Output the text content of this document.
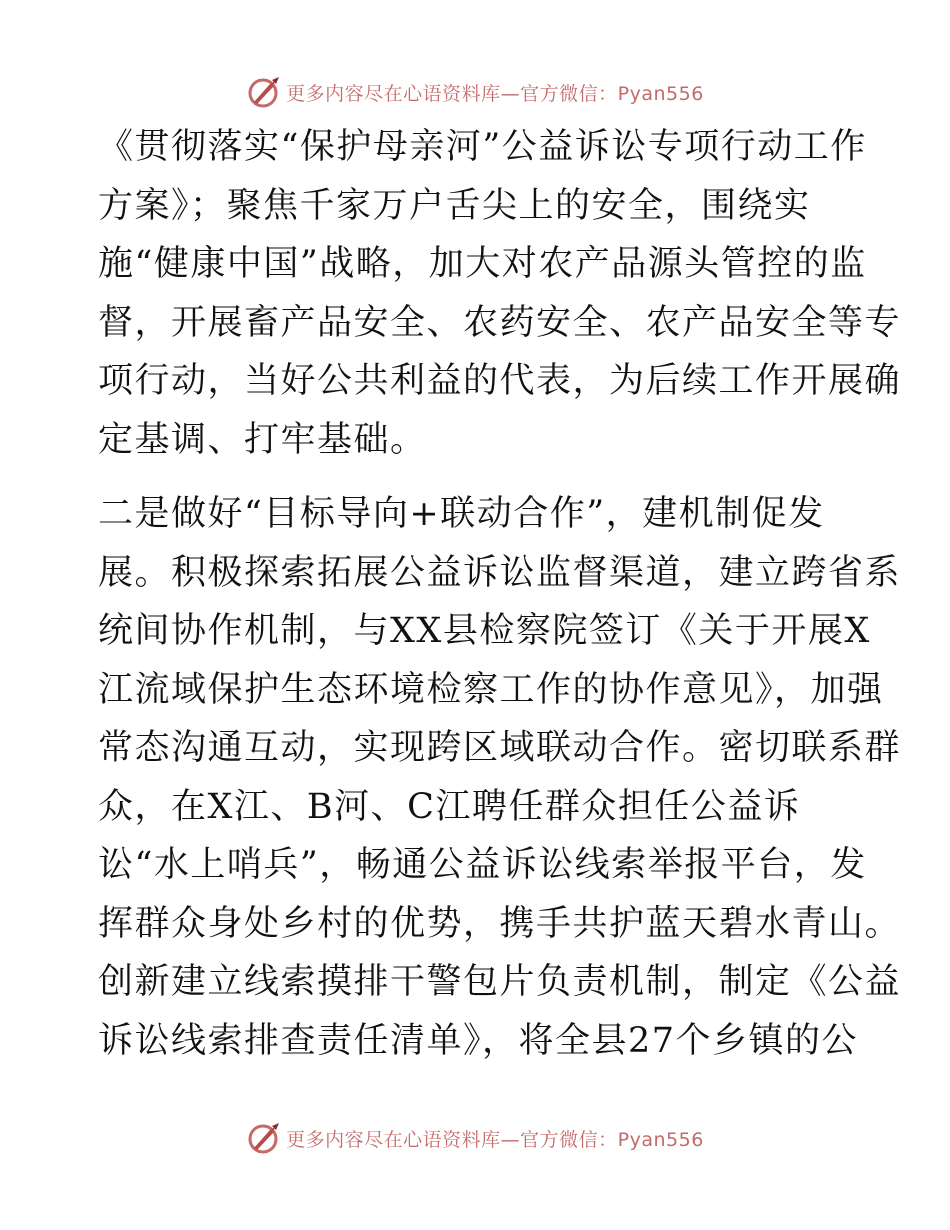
更多内容尽在心语资料库—官方微信：Pyan556
《贯彻落实“保护母亲河”公益诉讼专项行动工作
方案》；聚焦千家万户舌尖上的安全，围绕实
施“健康中国”战略，加大对农产品源头管控的监
督，开展畜产品安全、农药安全、农产品安全等专
项行动，当好公共利益的代表，为后续工作开展确
定基调、打牢基础。
二是做好“目标导向+联动合作”，建机制促发
展。积极探索拓展公益诉讼监督渠道，建立跨省系
统间协作机制，与XX县检察院签订《关于开展X
江流域保护生态环境检察工作的协作意见》，加强
常态沟通互动，实现跨区域联动合作。密切联系群
众，在X江、B河、C江聘任群众担任公益诉
讼“水上哨兵”，畅通公益诉讼线索举报平台，发
挥群众身处乡村的优势，携手共护蓝天碧水青山。
创新建立线索摸排干警包片负责机制，制定《公益
诉讼线索排查责任清单》，将全县27个乡镇的公
更多内容尽在心语资料库—官方微信：Pyan556
